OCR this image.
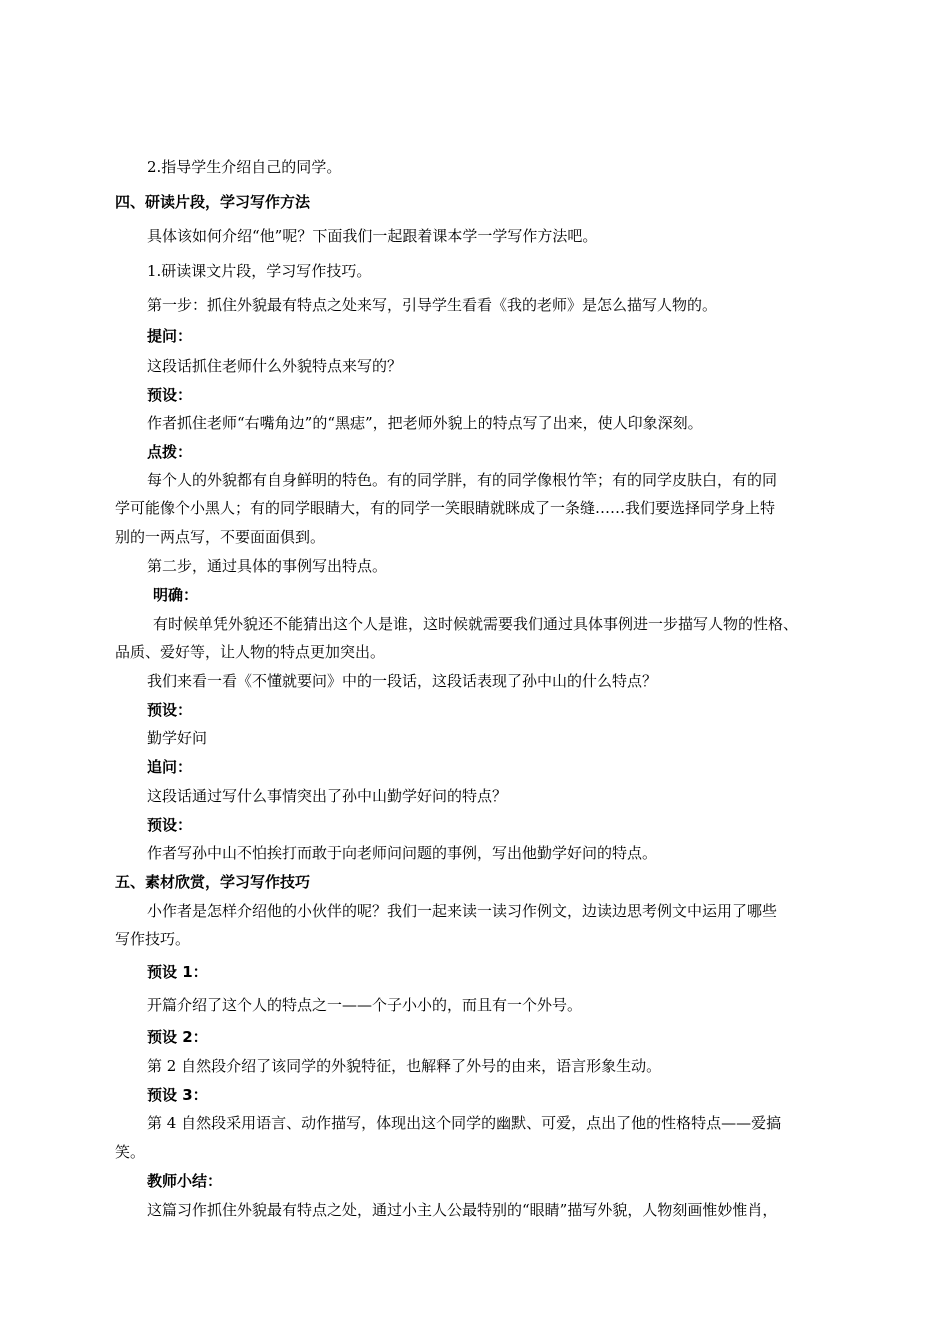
2.指导学生介绍自己的同学。
四、研读片段，学习写作方法
具体该如何介绍“他”呢？下面我们一起跟着课本学一学写作方法吧。
1.研读课文片段，学习写作技巧。
第一步：抓住外貌最有特点之处来写，引导学生看看《我的老师》是怎么描写人物的。
提问：
这段话抓住老师什么外貌特点来写的？
预设：
作者抓住老师“右嘴角边”的“黑痣”，把老师外貌上的特点写了出来，使人印象深刻。
点拨：
每个人的外貌都有自身鲜明的特色。有的同学胖，有的同学像根竹竿；有的同学皮肤白，有的同
学可能像个小黑人；有的同学眼睛大，有的同学一笑眼睛就眯成了一条缝……我们要选择同学身上特
别的一两点写，不要面面俱到。
第二步，通过具体的事例写出特点。
明确：
有时候单凭外貌还不能猜出这个人是谁，这时候就需要我们通过具体事例进一步描写人物的性格、
品质、爱好等，让人物的特点更加突出。
我们来看一看《不懂就要问》中的一段话，这段话表现了孙中山的什么特点？
预设：
勤学好问
追问：
这段话通过写什么事情突出了孙中山勤学好问的特点？
预设：
作者写孙中山不怕挨打而敢于向老师问问题的事例，写出他勤学好问的特点。
五、素材欣赏，学习写作技巧
小作者是怎样介绍他的小伙伴的呢？我们一起来读一读习作例文，边读边思考例文中运用了哪些
写作技巧。
预设 1：
开篇介绍了这个人的特点之一——个子小小的，而且有一个外号。
预设 2：
第 2 自然段介绍了该同学的外貌特征，也解释了外号的由来，语言形象生动。
预设 3：
第 4 自然段采用语言、动作描写，体现出这个同学的幽默、可爱，点出了他的性格特点——爱搞
笑。
教师小结：
这篇习作抓住外貌最有特点之处，通过小主人公最特别的“眼睛”描写外貌，人物刻画惟妙惟肖，
